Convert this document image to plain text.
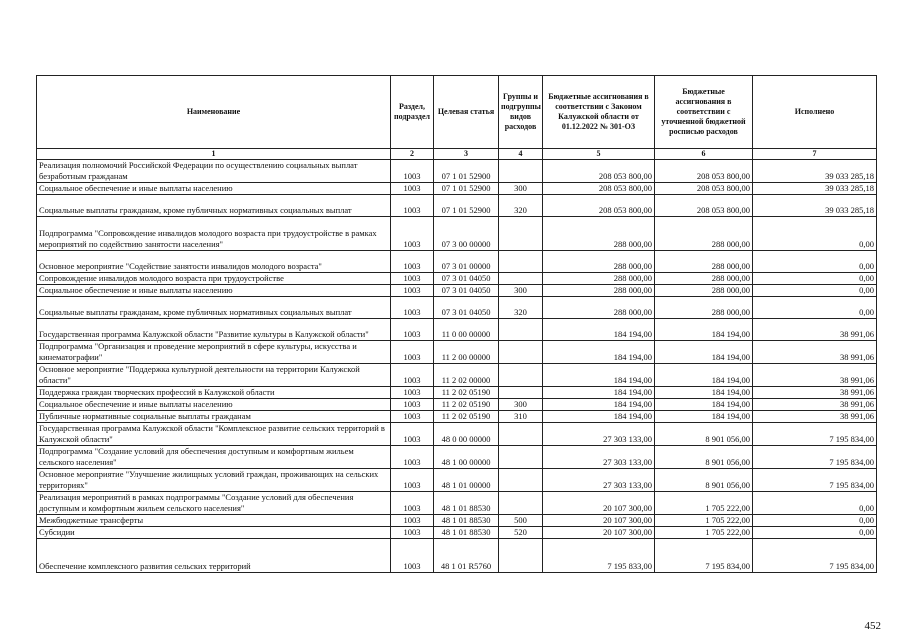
Наименование	Раздел, подраздел	Целевая статья	Группы и подгруппы видов расходов	Бюджетные ассигнования в соответствии с Законом Калужской области от 01.12.2022 № 301-ОЗ	Бюджетные ассигнования в соответствии с уточненной бюджетной росписью расходов	Исполнено
1	2	3	4	5	6	7
Реализация полномочий Российской Федерации по осуществлению социальных выплат безработным гражданам	1003	07 1 01 52900		208 053 800,00	208 053 800,00	39 033 285,18
Социальное обеспечение и иные выплаты населению	1003	07 1 01 52900	300	208 053 800,00	208 053 800,00	39 033 285,18
Социальные выплаты гражданам, кроме публичных нормативных социальных выплат	1003	07 1 01 52900	320	208 053 800,00	208 053 800,00	39 033 285,18
Подпрограмма "Сопровождение инвалидов молодого возраста при трудоустройстве в рамках мероприятий по содействию занятости населения"	1003	07 3 00 00000		288 000,00	288 000,00	0,00
Основное мероприятие "Содействие занятости инвалидов молодого возраста"	1003	07 3 01 00000		288 000,00	288 000,00	0,00
Сопровождение инвалидов молодого возраста при трудоустройстве	1003	07 3 01 04050		288 000,00	288 000,00	0,00
Социальное обеспечение и иные выплаты населению	1003	07 3 01 04050	300	288 000,00	288 000,00	0,00
Социальные выплаты гражданам, кроме публичных нормативных социальных выплат	1003	07 3 01 04050	320	288 000,00	288 000,00	0,00
Государственная программа Калужской области "Развитие культуры в Калужской области"	1003	11 0 00 00000		184 194,00	184 194,00	38 991,06
Подпрограмма "Организация и проведение мероприятий в сфере культуры, искусства и кинематографии"	1003	11 2 00 00000		184 194,00	184 194,00	38 991,06
Основное мероприятие "Поддержка культурной деятельности на территории Калужской области"	1003	11 2 02 00000		184 194,00	184 194,00	38 991,06
Поддержка граждан творческих профессий в Калужской области	1003	11 2 02 05190		184 194,00	184 194,00	38 991,06
Социальное обеспечение и иные выплаты населению	1003	11 2 02 05190	300	184 194,00	184 194,00	38 991,06
Публичные нормативные социальные выплаты гражданам	1003	11 2 02 05190	310	184 194,00	184 194,00	38 991,06
Государственная программа Калужской области "Комплексное развитие сельских территорий в Калужской области"	1003	48 0 00 00000		27 303 133,00	8 901 056,00	7 195 834,00
Подпрограмма "Создание условий для обеспечения доступным и комфортным жильем сельского населения"	1003	48 1 00 00000		27 303 133,00	8 901 056,00	7 195 834,00
Основное мероприятие "Улучшение жилищных условий граждан, проживающих на сельских территориях"	1003	48 1 01 00000		27 303 133,00	8 901 056,00	7 195 834,00
Реализация мероприятий в рамках подпрограммы "Создание условий для обеспечения доступным и комфортным жильем сельского населения"	1003	48 1 01 88530		20 107 300,00	1 705 222,00	0,00
Межбюджетные трансферты	1003	48 1 01 88530	500	20 107 300,00	1 705 222,00	0,00
Субсидии	1003	48 1 01 88530	520	20 107 300,00	1 705 222,00	0,00
Обеспечение комплексного развития сельских территорий	1003	48 1 01 R5760		7 195 833,00	7 195 834,00	7 195 834,00
452
